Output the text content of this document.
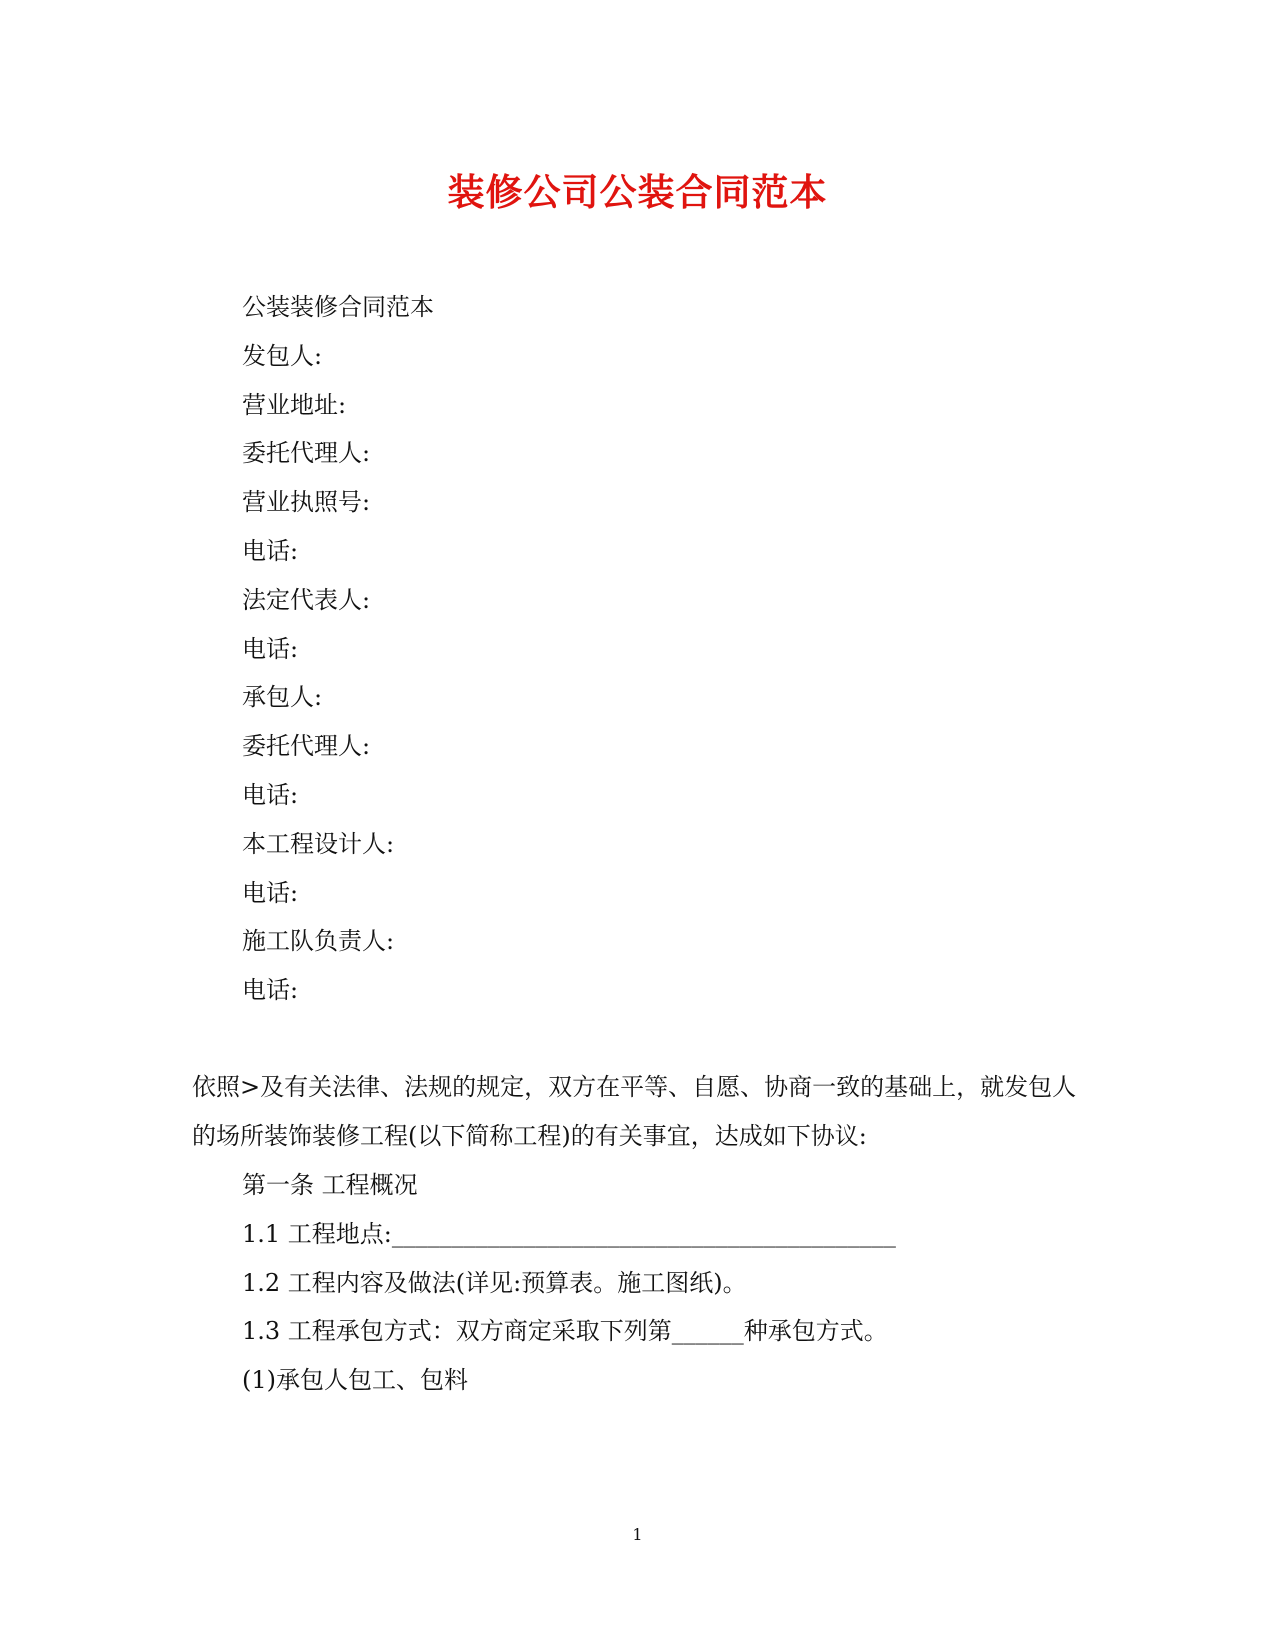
装修公司公装合同范本
公装装修合同范本
发包人:
营业地址:
委托代理人:
营业执照号:
电话:
法定代表人:
电话:
承包人:
委托代理人:
电话:
本工程设计人:
电话:
施工队负责人:
电话:
依照>及有关法律、法规的规定，双方在平等、自愿、协商一致的基础上，就发包人的场所装饰装修工程(以下简称工程)的有关事宜，达成如下协议:
第一条 工程概况
1.1 工程地点:__________________________________________
1.2 工程内容及做法(详见:预算表。施工图纸)。
1.3 工程承包方式：双方商定采取下列第______种承包方式。
(1)承包人包工、包料
1
